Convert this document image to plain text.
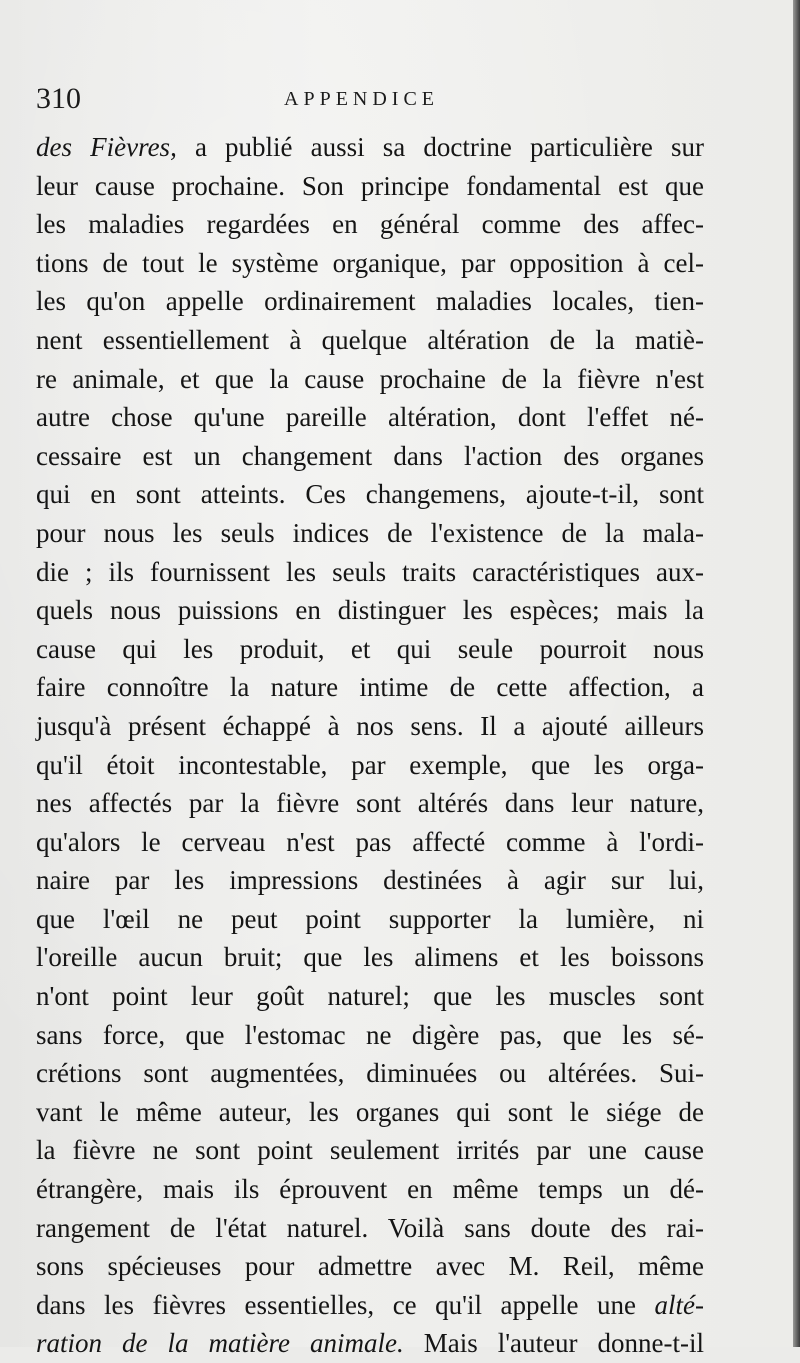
310	APPENDICE
des Fièvres, a publié aussi sa doctrine particulière sur
leur cause prochaine. Son principe fondamental est que
les maladies regardées en général comme des affec-
tions de tout le système organique, par opposition à cel-
les qu'on appelle ordinairement maladies locales, tien-
nent essentiellement à quelque altération de la matiè-
re animale, et que la cause prochaine de la fièvre n'est
autre chose qu'une pareille altération, dont l'effet né-
cessaire est un changement dans l'action des organes
qui en sont atteints. Ces changemens, ajoute-t-il, sont
pour nous les seuls indices de l'existence de la mala-
die ; ils fournissent les seuls traits caractéristiques aux-
quels nous puissions en distinguer les espèces; mais la
cause qui les produit, et qui seule pourroit nous
faire connoître la nature intime de cette affection, a
jusqu'à présent échappé à nos sens. Il a ajouté ailleurs
qu'il étoit incontestable, par exemple, que les orga-
nes affectés par la fièvre sont altérés dans leur nature,
qu'alors le cerveau n'est pas affecté comme à l'ordi-
naire par les impressions destinées à agir sur lui,
que l'œil ne peut point supporter la lumière, ni
l'oreille aucun bruit; que les alimens et les boissons
n'ont point leur goût naturel; que les muscles sont
sans force, que l'estomac ne digère pas, que les sé-
crétions sont augmentées, diminuées ou altérées. Sui-
vant le même auteur, les organes qui sont le siége de
la fièvre ne sont point seulement irrités par une cause
étrangère, mais ils éprouvent en même temps un dé-
rangement de l'état naturel. Voilà sans doute des rai-
sons spécieuses pour admettre avec M. Reil, même
dans les fièvres essentielles, ce qu'il appelle une alté-
ration de la matière animale. Mais l'auteur donne-t-il
